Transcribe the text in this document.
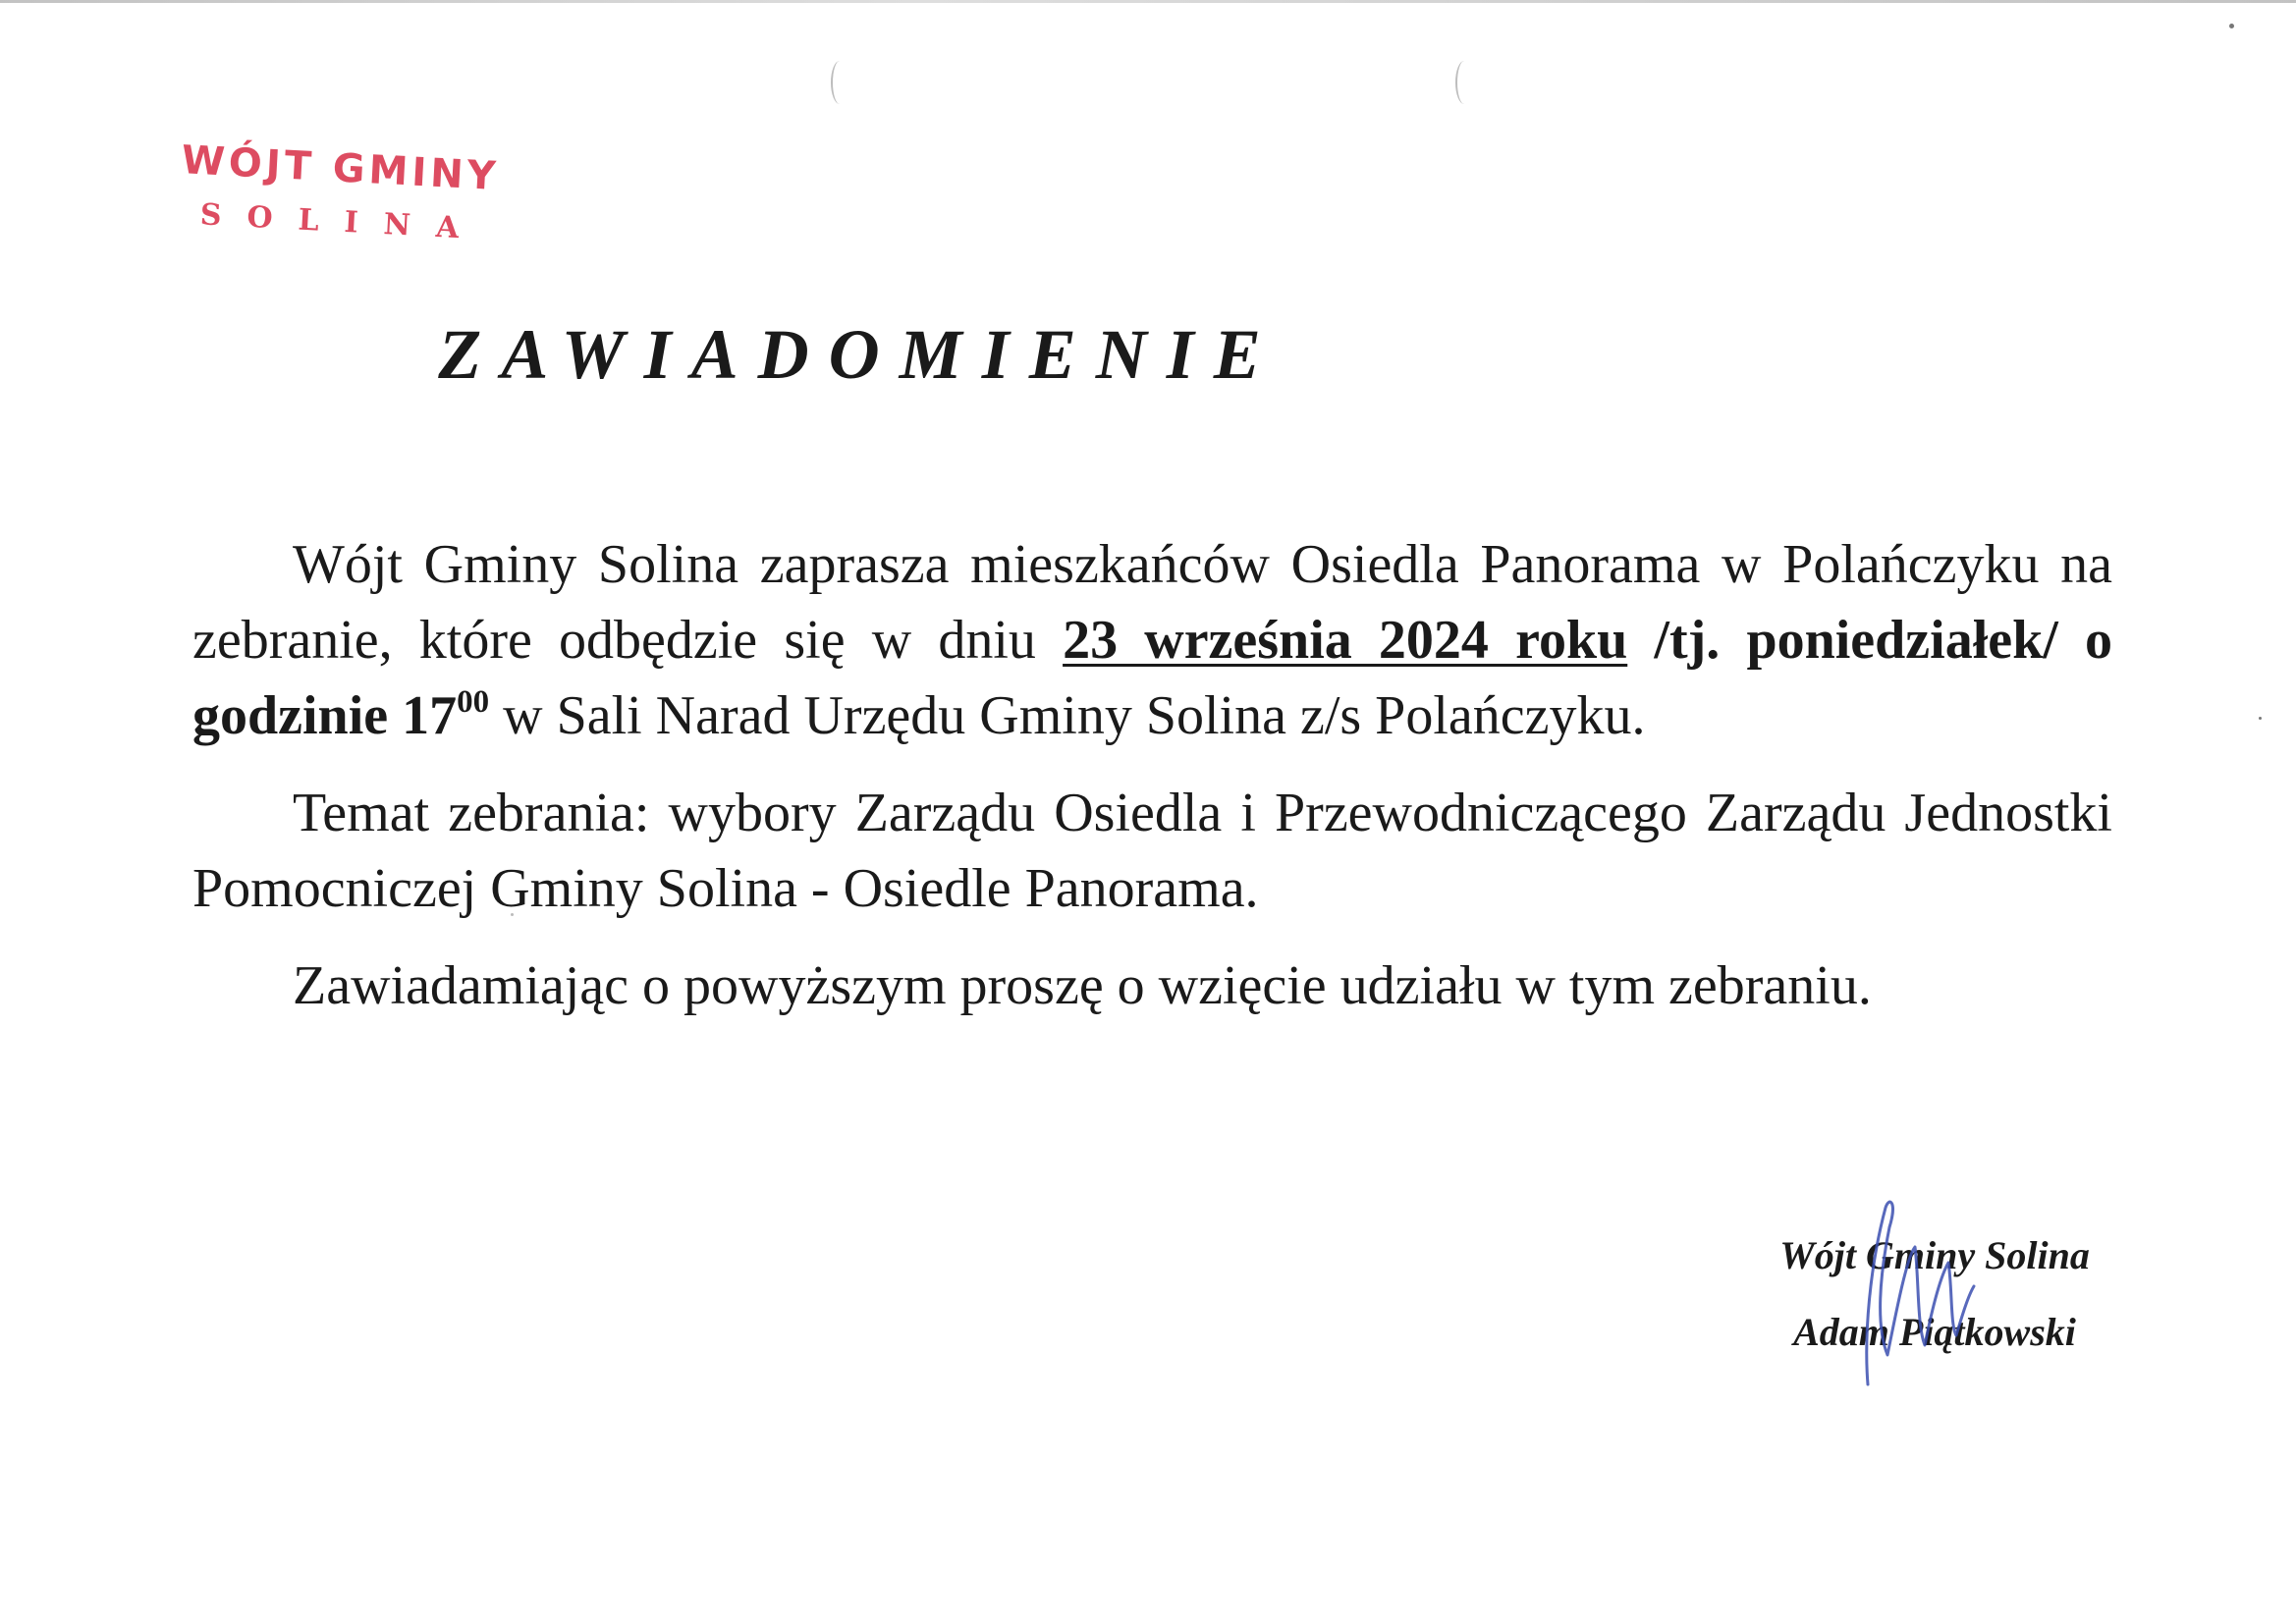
WÓJT GMINY
SOLINA
ZAWIADOMIENIE

Wójt Gminy Solina zaprasza mieszkańców Osiedla Panorama w Polańczyku na zebranie, które odbędzie się w dniu 23 września 2024 roku /tj. poniedziałek/ o godzinie $17^{00}$ w Sali Narad Urzędu Gminy Solina z/s Polańczyku.

Temat zebrania: wybory Zarządu Osiedla i Przewodniczącego Zarządu Jednostki Pomocniczej Gminy Solina - Osiedle Panorama.

Zawiadamiając o powyższym proszę o wzięcie udziału w tym zebraniu.

Wójt Gminy Solina
Adam Piątkowski
